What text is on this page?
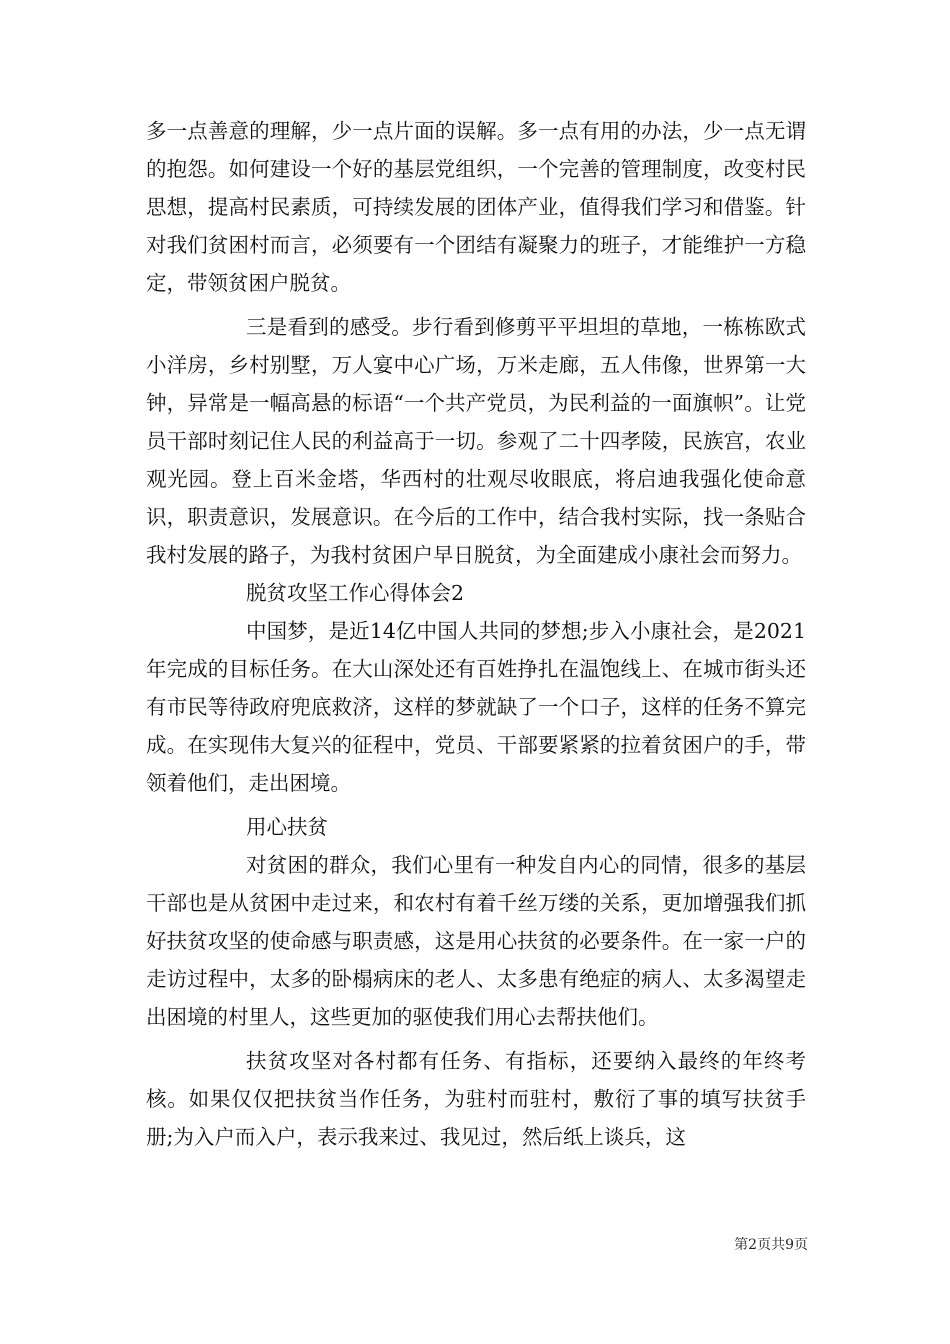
多一点善意的理解，少一点片面的误解。多一点有用的办法，少一点无谓的抱怨。如何建设一个好的基层党组织，一个完善的管理制度，改变村民思想，提高村民素质，可持续发展的团体产业，值得我们学习和借鉴。针对我们贫困村而言，必须要有一个团结有凝聚力的班子，才能维护一方稳定，带领贫困户脱贫。

三是看到的感受。步行看到修剪平平坦坦的草地，一栋栋欧式小洋房，乡村别墅，万人宴中心广场，万米走廊，五人伟像，世界第一大钟，异常是一幅高悬的标语“一个共产党员，为民利益的一面旗帜”。让党员干部时刻记住人民的利益高于一切。参观了二十四孝陵，民族宫，农业观光园。登上百米金塔，华西村的壮观尽收眼底，将启迪我强化使命意识，职责意识，发展意识。在今后的工作中，结合我村实际，找一条贴合我村发展的路子，为我村贫困户早日脱贫，为全面建成小康社会而努力。

脱贫攻坚工作心得体会2

中国梦，是近14亿中国人共同的梦想;步入小康社会，是2021年完成的目标任务。在大山深处还有百姓挣扎在温饱线上、在城市街头还有市民等待政府兜底救济，这样的梦就缺了一个口子，这样的任务不算完成。在实现伟大复兴的征程中，党员、干部要紧紧的拉着贫困户的手，带领着他们，走出困境。

用心扶贫

对贫困的群众，我们心里有一种发自内心的同情，很多的基层干部也是从贫困中走过来，和农村有着千丝万缕的关系，更加增强我们抓好扶贫攻坚的使命感与职责感，这是用心扶贫的必要条件。在一家一户的走访过程中，太多的卧榻病床的老人、太多患有绝症的病人、太多渴望走出困境的村里人，这些更加的驱使我们用心去帮扶他们。

扶贫攻坚对各村都有任务、有指标，还要纳入最终的年终考核。如果仅仅把扶贫当作任务，为驻村而驻村，敷衍了事的填写扶贫手册;为入户而入户，表示我来过、我见过，然后纸上谈兵，这

第2页共9页
